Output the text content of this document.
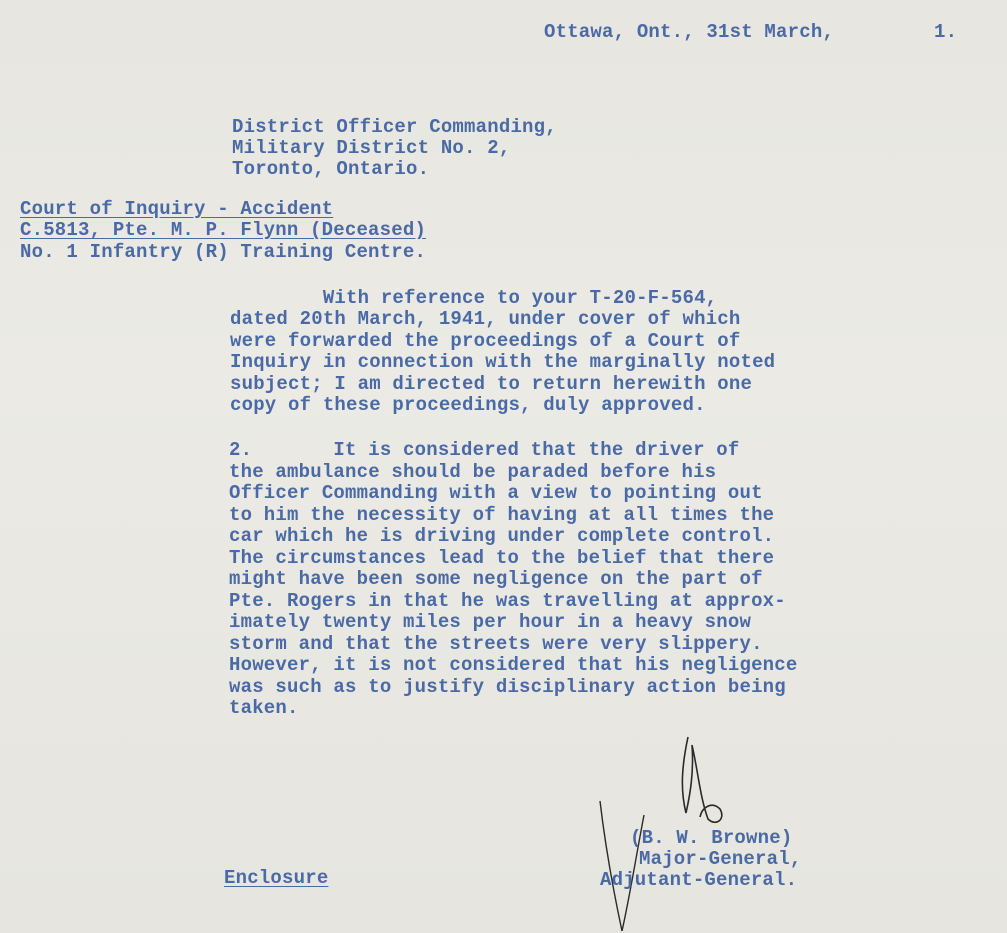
Ottawa, Ont., 31st March,	1.
District Officer Commanding,
Military District No. 2,
Toronto, Ontario.
Court of Inquiry - Accident
C.5813, Pte. M. P. Flynn (Deceased)
No. 1 Infantry (R) Training Centre.
With reference to your T-20-F-564,
dated 20th March, 1941, under cover of which
were forwarded the proceedings of a Court of
Inquiry in connection with the marginally noted
subject; I am directed to return herewith one
copy of these proceedings, duly approved.
2.       It is considered that the driver of
the ambulance should be paraded before his
Officer Commanding with a view to pointing out
to him the necessity of having at all times the
car which he is driving under complete control.
The circumstances lead to the belief that there
might have been some negligence on the part of
Pte. Rogers in that he was travelling at approx-
imately twenty miles per hour in a heavy snow
storm and that the streets were very slippery.
However, it is not considered that his negligence
was such as to justify disciplinary action being
taken.
(B. W. Browne)
Major-General,
Adjutant-General.
Enclosure
